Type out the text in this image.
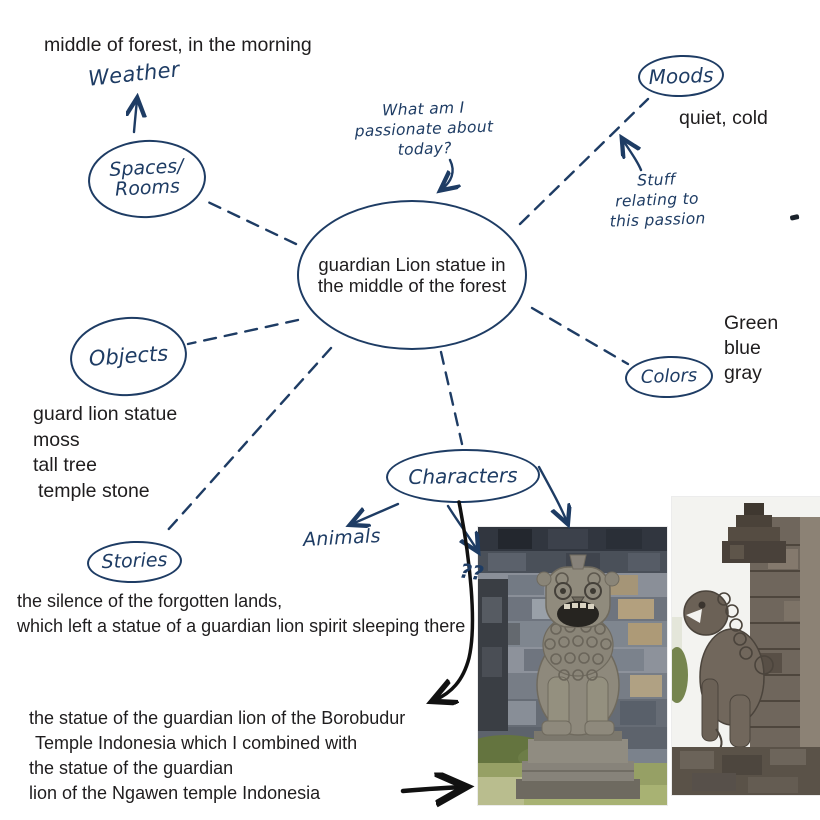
middle of forest, in the morning
quiet, cold
Green
blue
gray
guard lion statue
moss
tall tree
temple stone
the silence of the forgotten lands,
which left a statue of a guardian lion spirit sleeping there
the statue of the guardian lion of the Borobudur
Temple Indonesia which I combined with
the statue of the guardian
lion of the Ngawen temple Indonesia
Weather
What am I
passionate about
today?
Stuff
relating to
this passion
Animals
??
Spaces/
Rooms
guardian Lion statue in
the middle of the forest
Moods
Colors
Objects
Stories
Characters
